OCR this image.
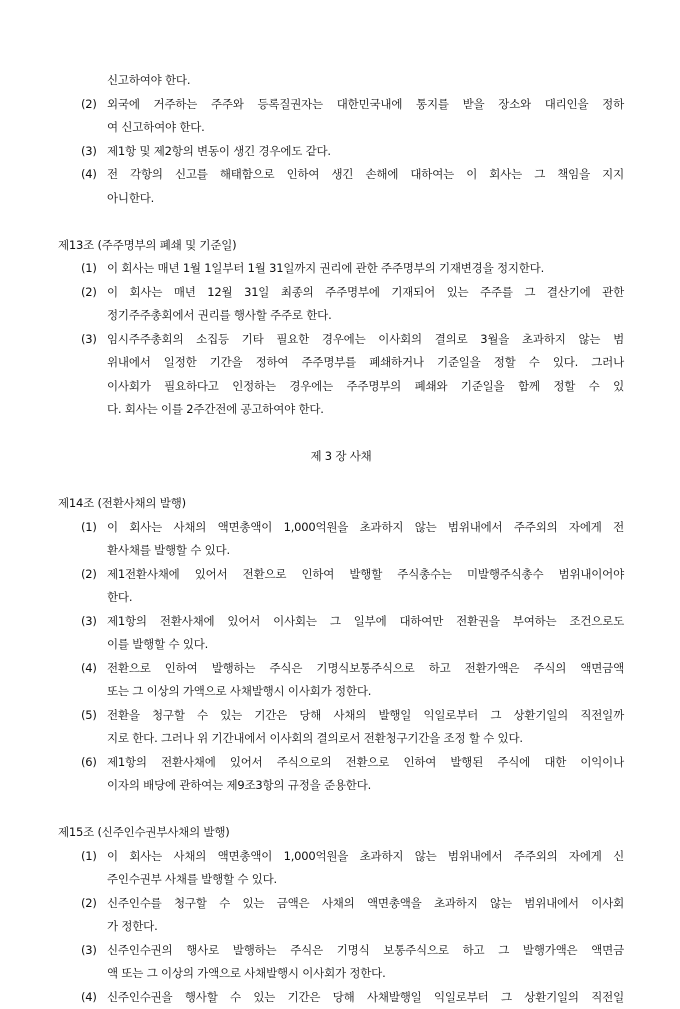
신고하여야 한다.
(2) 외국에 거주하는 주주와 등록질권자는 대한민국내에 통지를 받을 장소와 대리인을 정하
여 신고하여야 한다.
(3) 제1항 및 제2항의 변동이 생긴 경우에도 같다.
(4) 전 각항의 신고를 해태함으로 인하여 생긴 손해에 대하여는 이 회사는 그 책임을 지지
아니한다.
제13조 (주주명부의 폐쇄 및 기준일)
(1) 이 회사는 매년 1월 1일부터 1월 31일까지 권리에 관한 주주명부의 기재변경을 정지한다.
(2) 이 회사는 매년 12월 31일 최종의 주주명부에 기재되어 있는 주주를 그 결산기에 관한
정기주주총회에서 권리를 행사할 주주로 한다.
(3) 임시주주총회의 소집등 기타 필요한 경우에는 이사회의 결의로 3월을 초과하지 않는 범
위내에서 일정한 기간을 정하여 주주명부를 폐쇄하거나 기준일을 정할 수 있다. 그러나
이사회가 필요하다고 인정하는 경우에는 주주명부의 폐쇄와 기준일을 함께 정할 수 있
다. 회사는 이를 2주간전에 공고하여야 한다.
제 3 장 사채
제14조 (전환사채의 발행)
(1) 이 회사는 사채의 액면총액이 1,000억원을 초과하지 않는 범위내에서 주주외의 자에게 전
환사채를 발행할 수 있다.
(2) 제1전환사채에 있어서 전환으로 인하여 발행할 주식총수는 미발행주식총수 범위내이어야
한다.
(3) 제1항의 전환사채에 있어서 이사회는 그 일부에 대하여만 전환권을 부여하는 조건으로도
이를 발행할 수 있다.
(4) 전환으로 인하여 발행하는 주식은 기명식보통주식으로 하고 전환가액은 주식의 액면금액
또는 그 이상의 가액으로 사채발행시 이사회가 정한다.
(5) 전환을 청구할 수 있는 기간은 당해 사채의 발행일 익일로부터 그 상환기일의 직전일까
지로 한다. 그러나 위 기간내에서 이사회의 결의로서 전환청구기간을 조정 할 수 있다.
(6) 제1항의 전환사채에 있어서 주식으로의 전환으로 인하여 발행된 주식에 대한 이익이나
이자의 배당에 관하여는 제9조3항의 규정을 준용한다.
제15조 (신주인수권부사채의 발행)
(1) 이 회사는 사채의 액면총액이 1,000억원을 초과하지 않는 범위내에서 주주외의 자에게 신
주인수권부 사채를 발행할 수 있다.
(2) 신주인수를 청구할 수 있는 금액은 사채의 액면총액을 초과하지 않는 범위내에서 이사회
가 정한다.
(3) 신주인수권의 행사로 발행하는 주식은 기명식 보통주식으로 하고 그 발행가액은 액면금
액 또는 그 이상의 가액으로 사채발행시 이사회가 정한다.
(4) 신주인수권을 행사할 수 있는 기간은 당해 사채발행일 익일로부터 그 상환기일의 직전일
